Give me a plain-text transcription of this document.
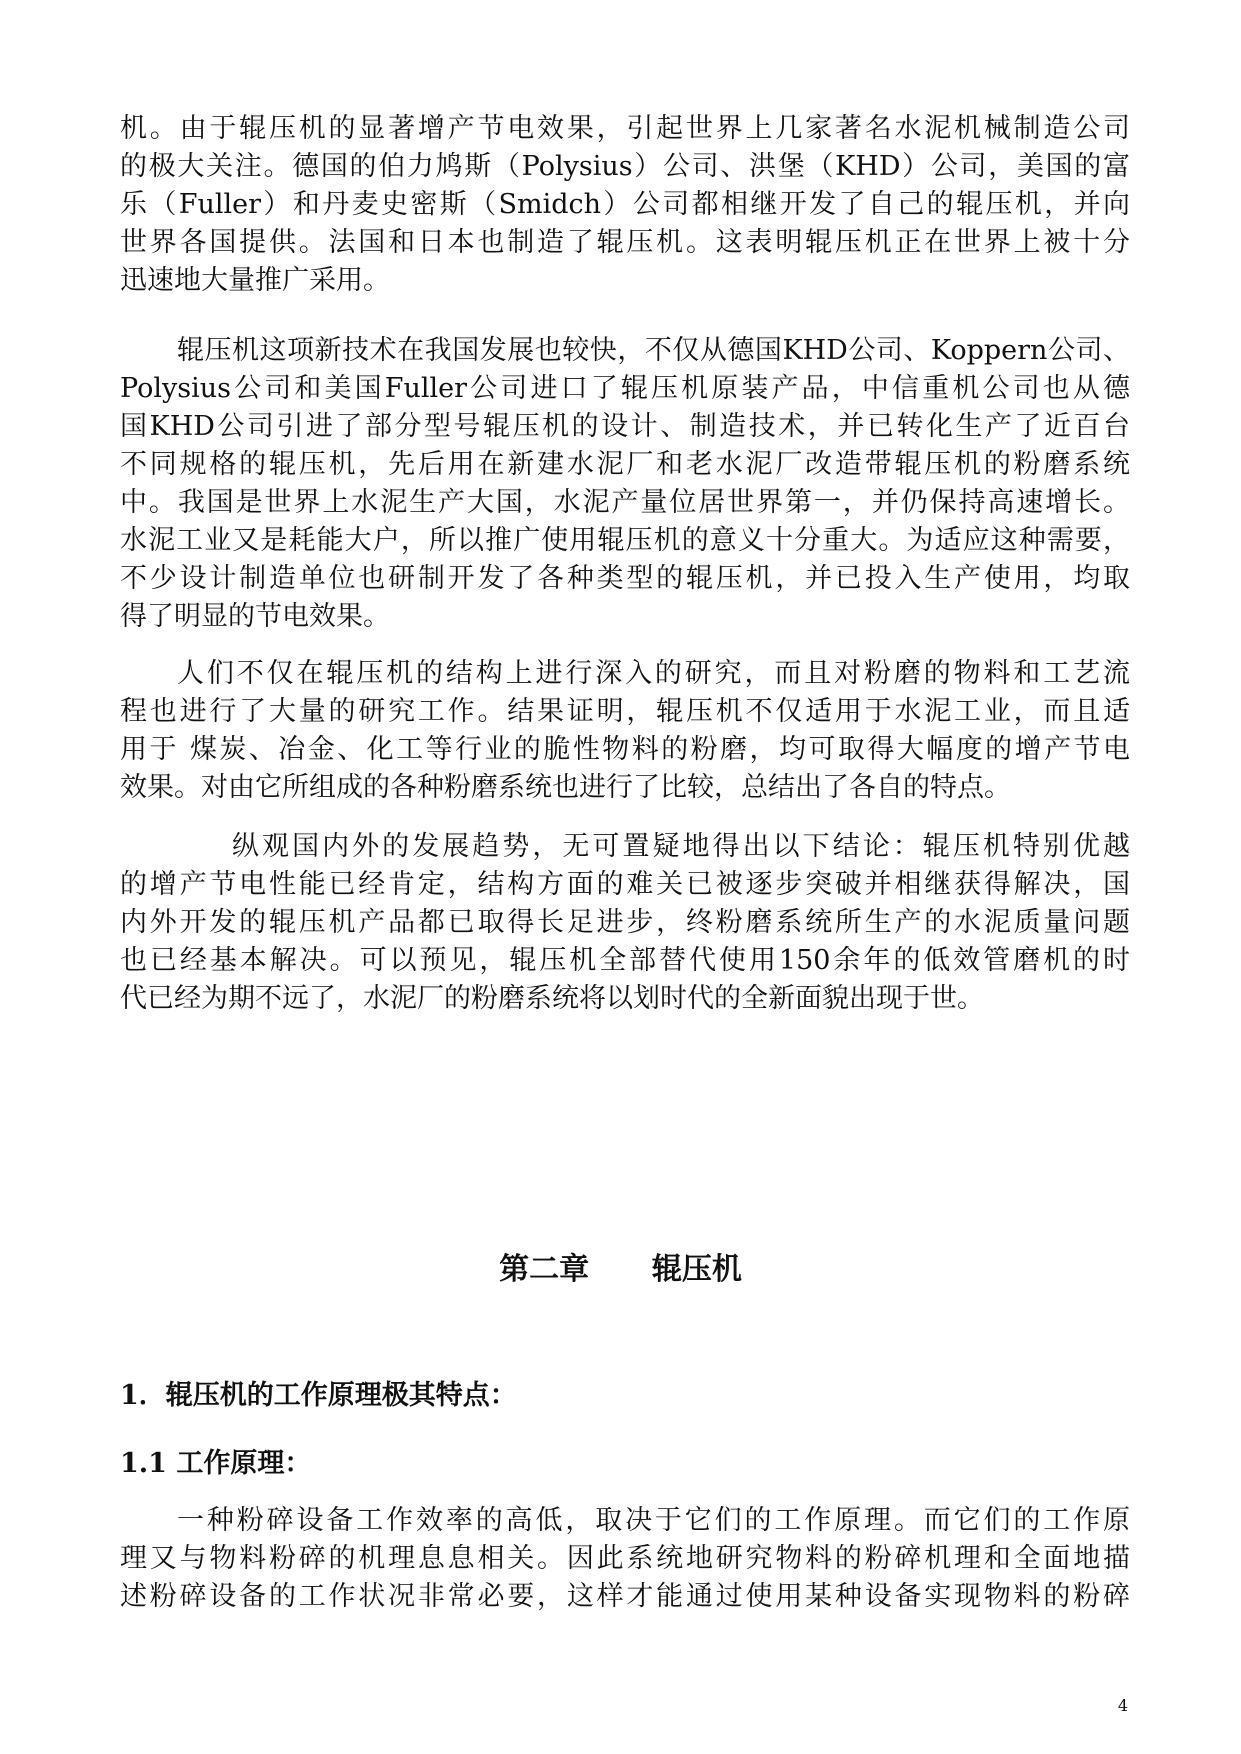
机。由于辊压机的显著增产节电效果，引起世界上几家著名水泥机械制造公司
的极大关注。德国的伯力鸠斯（Polysius）公司、洪堡（KHD）公司，美国的富
乐（Fuller）和丹麦史密斯（Smidch）公司都相继开发了自己的辊压机，并向
世界各国提供。法国和日本也制造了辊压机。这表明辊压机正在世界上被十分
迅速地大量推广采用。
辊压机这项新技术在我国发展也较快，不仅从德国KHD公司、Koppern公司、
Polysius公司和美国Fuller公司进口了辊压机原装产品，中信重机公司也从德
国KHD公司引进了部分型号辊压机的设计、制造技术，并已转化生产了近百台
不同规格的辊压机，先后用在新建水泥厂和老水泥厂改造带辊压机的粉磨系统
中。我国是世界上水泥生产大国，水泥产量位居世界第一，并仍保持高速增长。
水泥工业又是耗能大户，所以推广使用辊压机的意义十分重大。为适应这种需要，
不少设计制造单位也研制开发了各种类型的辊压机，并已投入生产使用，均取
得了明显的节电效果。
人们不仅在辊压机的结构上进行深入的研究，而且对粉磨的物料和工艺流
程也进行了大量的研究工作。结果证明，辊压机不仅适用于水泥工业，而且适
用于 煤炭、冶金、化工等行业的脆性物料的粉磨，均可取得大幅度的增产节电
效果。对由它所组成的各种粉磨系统也进行了比较，总结出了各自的特点。
纵观国内外的发展趋势，无可置疑地得出以下结论：辊压机特别优越
的增产节电性能已经肯定，结构方面的难关已被逐步突破并相继获得解决，国
内外开发的辊压机产品都已取得长足进步，终粉磨系统所生产的水泥质量问题
也已经基本解决。可以预见，辊压机全部替代使用150余年的低效管磨机的时
代已经为期不远了，水泥厂的粉磨系统将以划时代的全新面貌出现于世。
第二章      辊压机
1．辊压机的工作原理极其特点：
1.1 工作原理：
一种粉碎设备工作效率的高低，取决于它们的工作原理。而它们的工作原
理又与物料粉碎的机理息息相关。因此系统地研究物料的粉碎机理和全面地描
述粉碎设备的工作状况非常必要，这样才能通过使用某种设备实现物料的粉碎
4
